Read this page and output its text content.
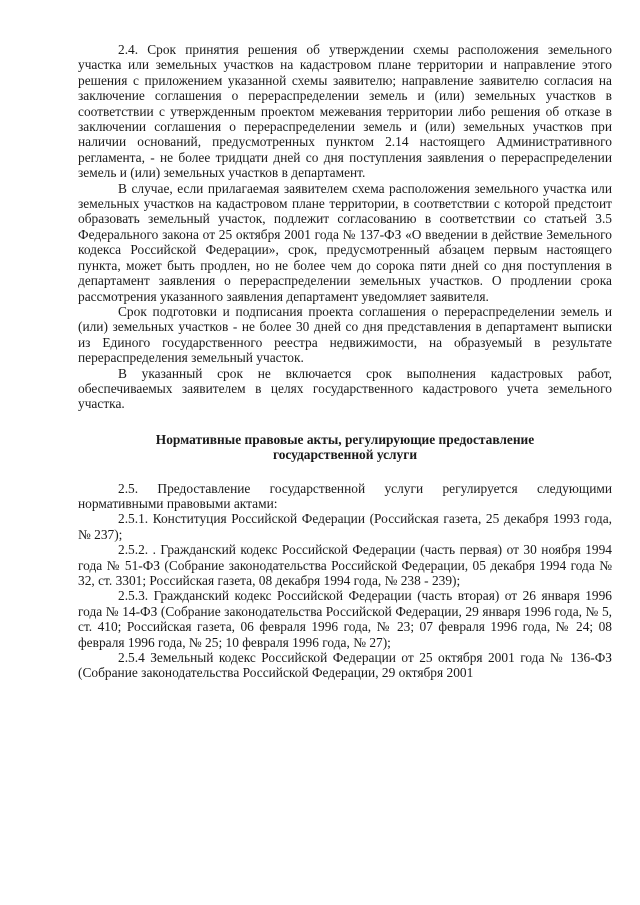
2.4. Срок принятия решения об утверждении схемы расположения земельного участка или земельных участков на кадастровом плане территории и направление этого решения с приложением указанной схемы заявителю; направление заявителю согласия на заключение соглашения о перераспределении земель и (или) земельных участков в соответствии с утвержденным проектом межевания территории либо решения об отказе в заключении соглашения о перераспределении земель и (или) земельных участков при наличии оснований, предусмотренных пунктом 2.14 настоящего Административного регламента, - не более тридцати дней со дня поступления заявления о перераспределении земель и (или) земельных участков в департамент.

В случае, если прилагаемая заявителем схема расположения земельного участка или земельных участков на кадастровом плане территории, в соответствии с которой предстоит образовать земельный участок, подлежит согласованию в соответствии со статьей 3.5 Федерального закона от 25 октября 2001 года № 137-ФЗ «О введении в действие Земельного кодекса Российской Федерации», срок, предусмотренный абзацем первым настоящего пункта, может быть продлен, но не более чем до сорока пяти дней со дня поступления в департамент заявления о перераспределении земельных участков. О продлении срока рассмотрения указанного заявления департамент уведомляет заявителя.

Срок подготовки и подписания проекта соглашения о перераспределении земель и (или) земельных участков - не более 30 дней со дня представления в департамент выписки из Единого государственного реестра недвижимости, на образуемый в результате перераспределения земельный участок.

В указанный срок не включается срок выполнения кадастровых работ, обеспечиваемых заявителем в целях государственного кадастрового учета земельного участка.

Нормативные правовые акты, регулирующие предоставление
государственной услуги

2.5. Предоставление государственной услуги регулируется следующими нормативными правовыми актами:

2.5.1. Конституция Российской Федерации (Российская газета, 25 декабря 1993 года, № 237);

2.5.2. . Гражданский кодекс Российской Федерации (часть первая) от 30 ноября 1994 года № 51-ФЗ (Собрание законодательства Российской Федерации, 05 декабря 1994 года № 32, ст. 3301; Российская газета, 08 декабря 1994 года, № 238 - 239);

2.5.3. Гражданский кодекс Российской Федерации (часть вторая) от 26 января 1996 года № 14-ФЗ (Собрание законодательства Российской Федерации, 29 января 1996 года, № 5, ст. 410; Российская газета, 06 февраля 1996 года, № 23; 07 февраля 1996 года, № 24; 08 февраля 1996 года, № 25; 10 февраля 1996 года, № 27);

2.5.4 Земельный кодекс Российской Федерации от 25 октября 2001 года № 136-ФЗ (Собрание законодательства Российской Федерации, 29 октября 2001
